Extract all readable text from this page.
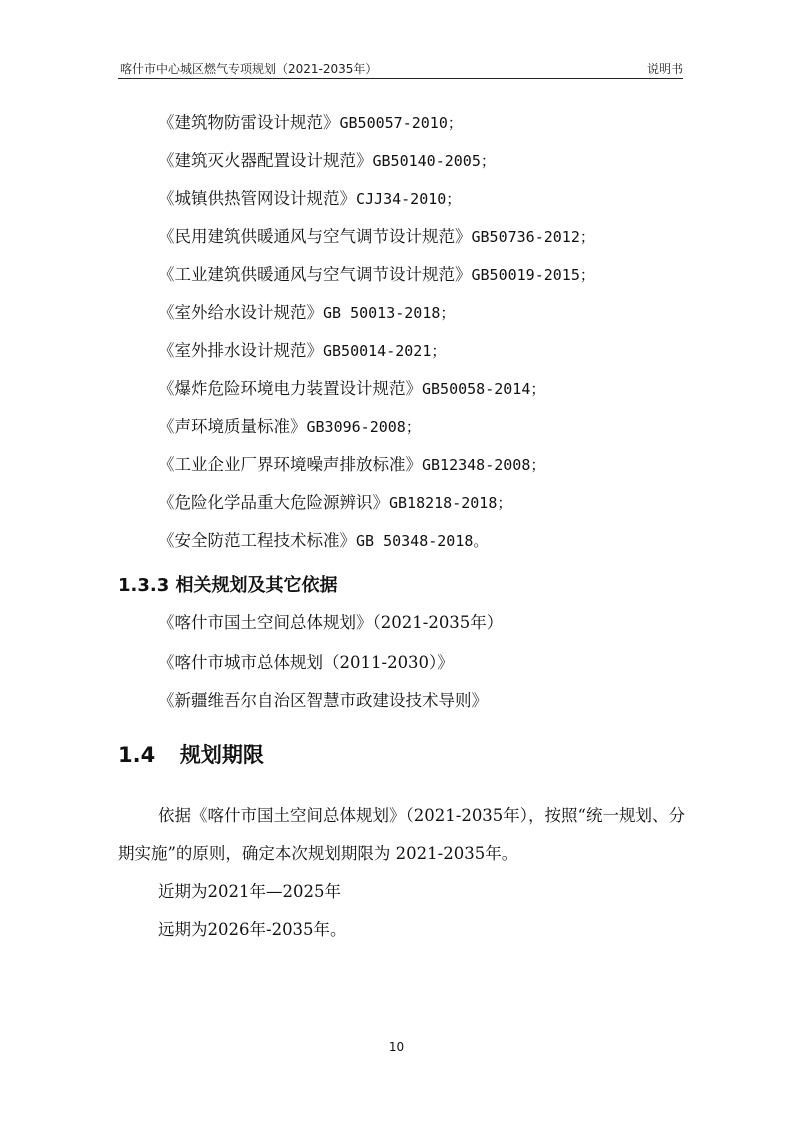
喀什市中心城区燃气专项规划（2021-2035年）	说明书
《建筑物防雷设计规范》GB50057-2010；
《建筑灭火器配置设计规范》GB50140-2005；
《城镇供热管网设计规范》CJJ34-2010；
《民用建筑供暖通风与空气调节设计规范》GB50736-2012；
《工业建筑供暖通风与空气调节设计规范》GB50019-2015；
《室外给水设计规范》GB 50013-2018；
《室外排水设计规范》GB50014-2021；
《爆炸危险环境电力装置设计规范》GB50058-2014；
《声环境质量标准》GB3096-2008；
《工业企业厂界环境噪声排放标准》GB12348-2008；
《危险化学品重大危险源辨识》GB18218-2018；
《安全防范工程技术标准》GB 50348-2018。
1.3.3 相关规划及其它依据
《喀什市国土空间总体规划》（2021-2035年）
《喀什市城市总体规划（2011-2030）》
《新疆维吾尔自治区智慧市政建设技术导则》
1.4 规划期限
依据《喀什市国土空间总体规划》（2021-2035年），按照“统一规划、分期实施”的原则，确定本次规划期限为 2021-2035年。
近期为2021年—2025年
远期为2026年-2035年。
10
